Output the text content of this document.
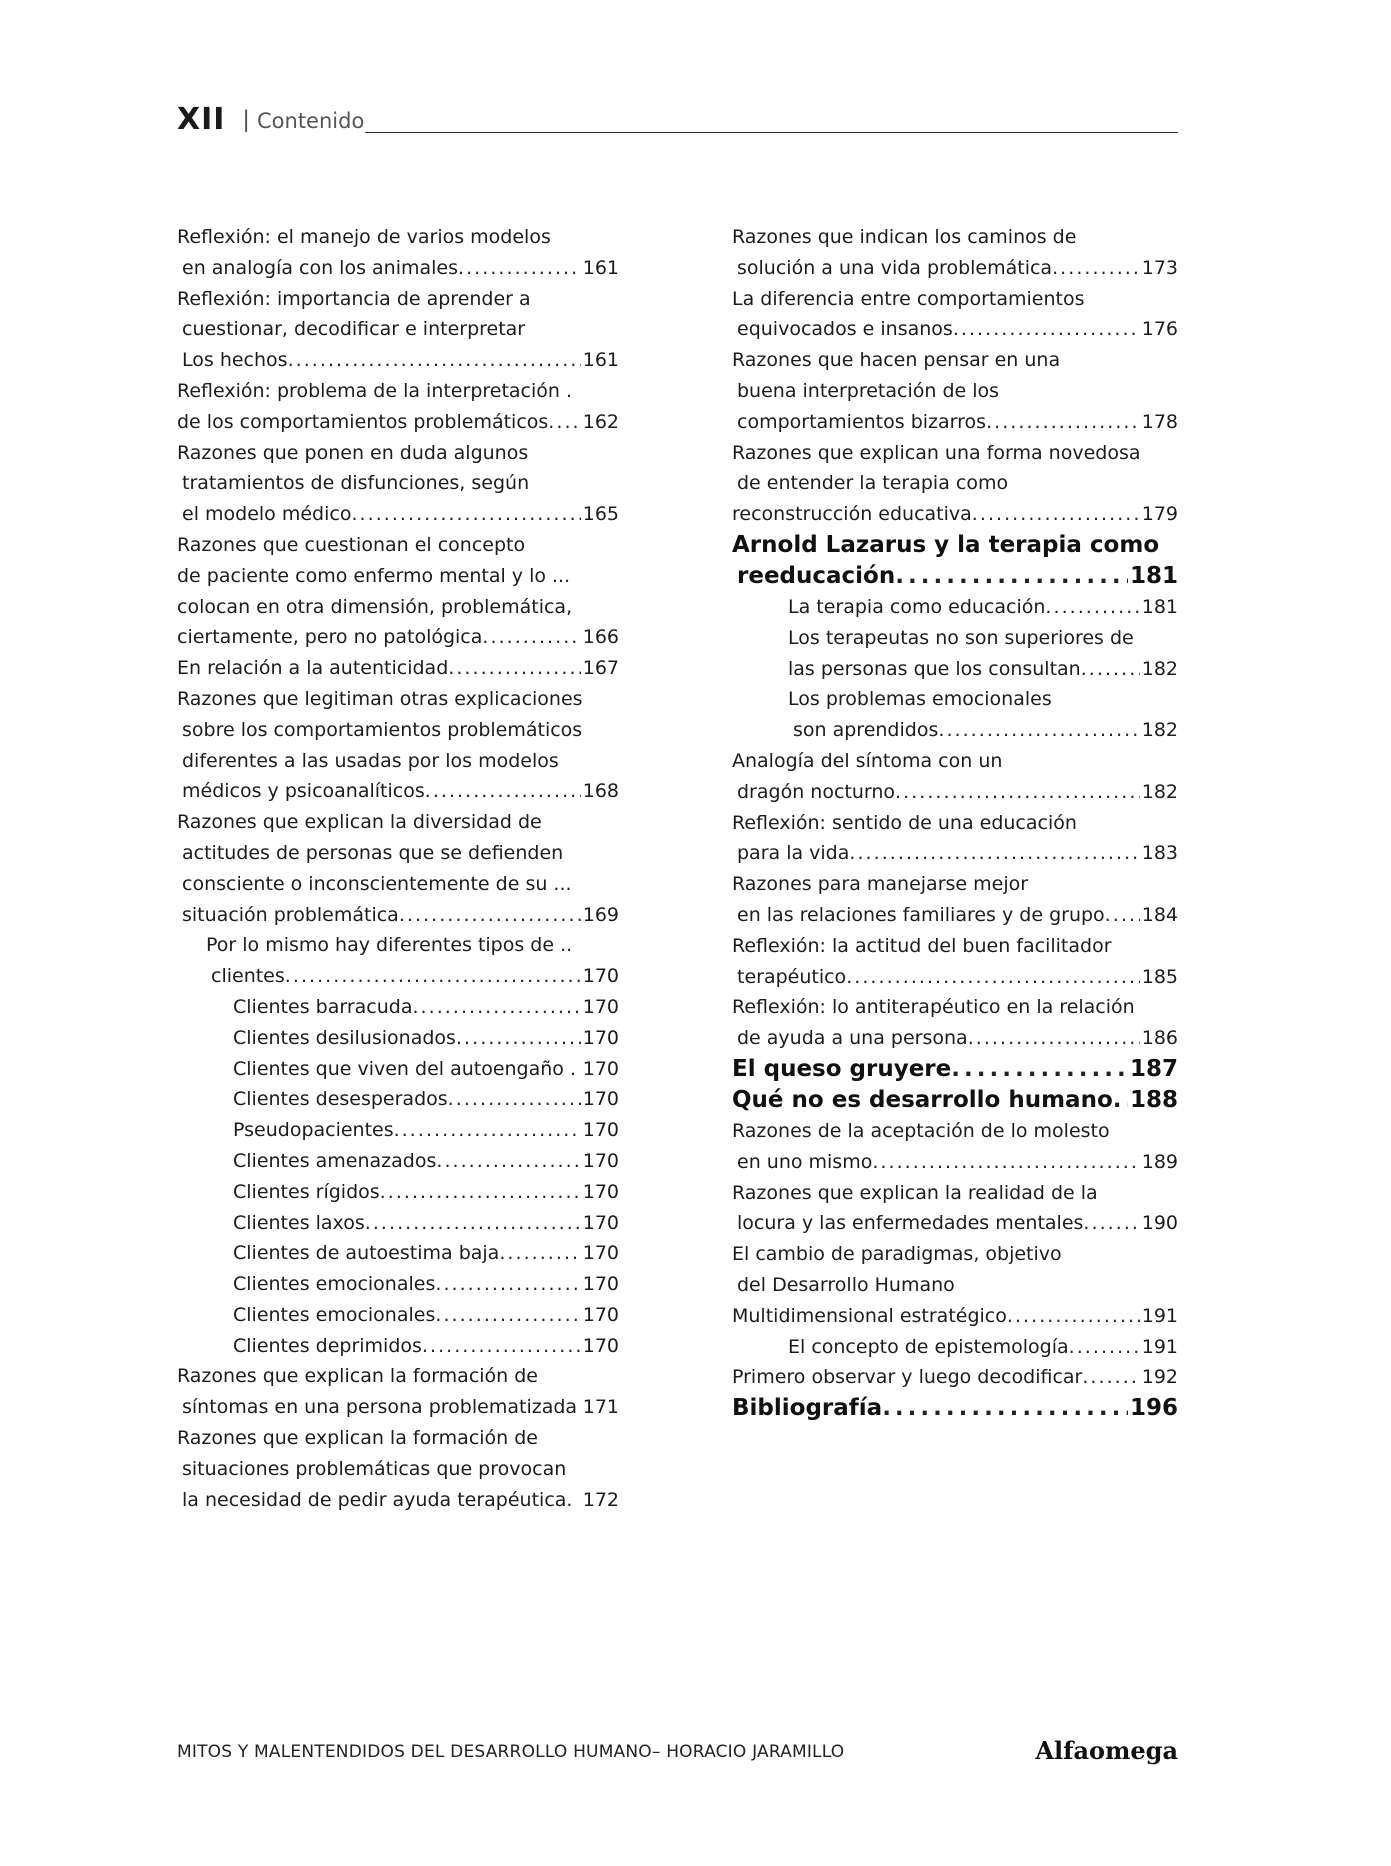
XII | Contenido
Reflexión: el manejo de varios modelos
en analogía con los animales . . .	161
Reflexión: importancia de aprender a
cuestionar, decodificar e interpretar
Los hechos . . .	161
Reflexión: problema de la interpretación .
de los comportamientos problemáticos . . . 162
Razones que ponen en duda algunos
tratamientos de disfunciones, según
el modelo médico . . .	165
Razones que cuestionan el concepto
de paciente como enfermo mental y lo ...
colocan en otra dimensión, problemática,
ciertamente, pero no patológica . . .	166
En relación a la autenticidad . . .	167
Razones que legitiman otras explicaciones
sobre los comportamientos problemáticos
diferentes a las usadas por los modelos
médicos y psicoanalíticos . . .	168
Razones que explican la diversidad de
actitudes de personas que se defienden
consciente o inconscientemente de su ...
situación problemática . . .	169
Por lo mismo hay diferentes tipos de ..
clientes . . .	170
Clientes barracuda . . .	170
Clientes desilusionados . . .	170
Clientes que viven del autoengaño . 170
Clientes desesperados . . .	170
Pseudopacientes . . .	170
Clientes amenazados . . .	170
Clientes rígidos . . .	170
Clientes laxos . . .	170
Clientes de autoestima baja . . .	170
Clientes emocionales . . .	170
Clientes emocionales . . .	170
Clientes deprimidos . . .	170
Razones que explican la formación de
síntomas en una persona problematizada 171
Razones que explican la formación de
situaciones problemáticas que provocan
la necesidad de pedir ayuda terapéutica. 172
Razones que indican los caminos de
solución a una vida problemática . . .	173
La diferencia entre comportamientos
equivocados e insanos . . .	176
Razones que hacen pensar en una
buena interpretación de los
comportamientos bizarros . . .	178
Razones que explican una forma novedosa
de entender la terapia como
reconstrucción educativa . . .	179
Arnold Lazarus y la terapia como
reeducación . . .	181
La terapia como educación . . .	181
Los terapeutas no son superiores de
las personas que los consultan . . .	182
Los problemas emocionales
son aprendidos . . .	182
Analogía del síntoma con un
dragón nocturno . . .	182
Reflexión: sentido de una educación
para la vida . . .	183
Razones para manejarse mejor
en las relaciones familiares y de grupo . . . 184
Reflexión: la actitud del buen facilitador
terapéutico . . .	185
Reflexión: lo antiterapéutico en la relación
de ayuda a una persona . . .	186
El queso gruyere . . .	187
Qué no es desarrollo humano . . . 188
Razones de la aceptación de lo molesto
en uno mismo . . .	189
Razones que explican la realidad de la
locura y las enfermedades mentales . . .	190
El cambio de paradigmas, objetivo
del Desarrollo Humano
Multidimensional estratégico . . .	191
El concepto de epistemología . . .	191
Primero observar y luego decodificar . . .	192
Bibliografía . . .	196
MITOS Y MALENTENDIDOS DEL DESARROLLO HUMANO– HORACIO JARAMILLO	Alfaomega
